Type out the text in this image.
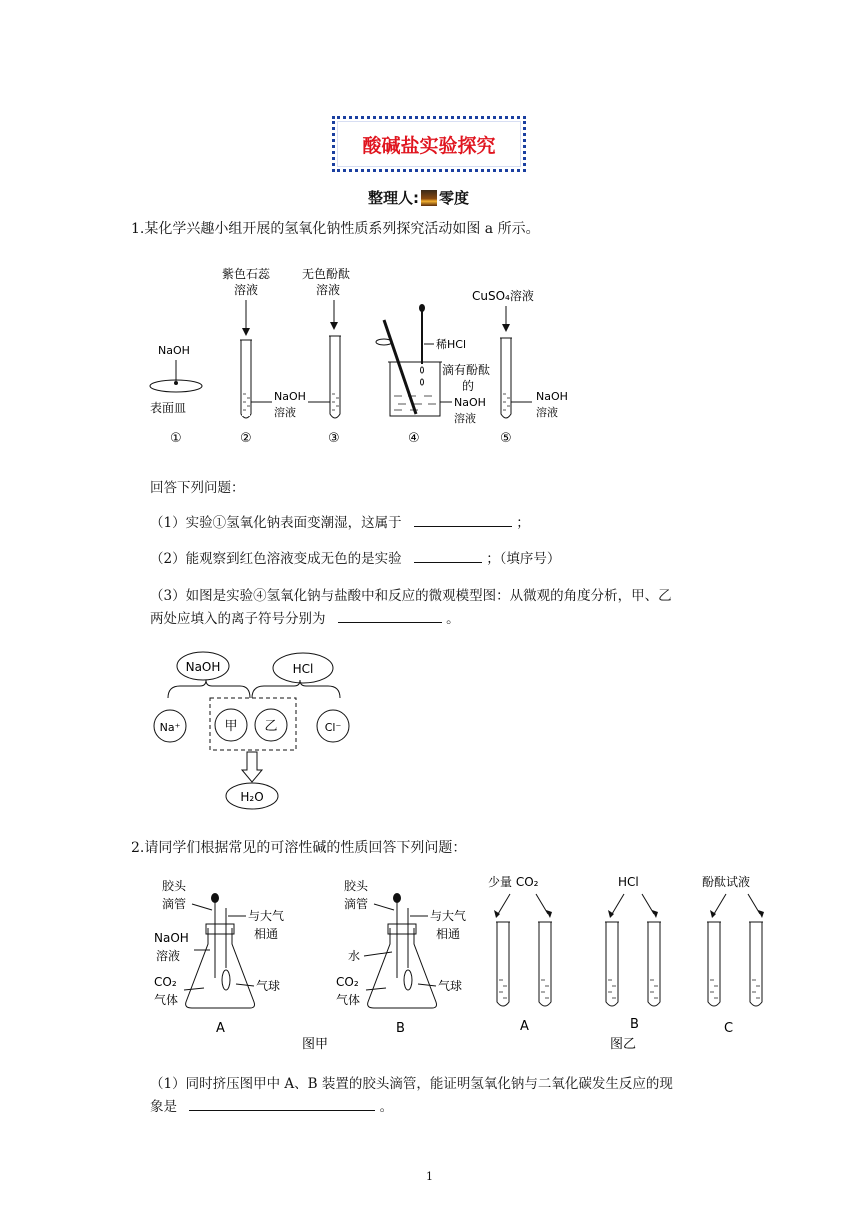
酸碱盐实验探究
整理人: 零度
1.某化学兴趣小组开展的氢氧化钠性质系列探究活动如图 a 所示。
紫色石蕊
溶液
无色酚酞
溶液	CuSO₄溶液
NaOH
表面皿
NaOH
溶液
稀HCl
滴有酚酞
的
NaOH
溶液
NaOH
溶液
①	②	③	④	⑤
回答下列问题：
（1）实验①氢氧化钠表面变潮湿，这属于	；
（2）能观察到红色溶液变成无色的是实验	；（填序号）
（3）如图是实验④氢氧化钠与盐酸中和反应的微观模型图：从微观的角度分析，甲、乙
两处应填入的离子符号分别为	。
NaOH	HCl
Na⁺	甲 乙	Cl⁻
H₂O
2.请同学们根据常见的可溶性碱的性质回答下列问题：
胶头
滴管
与大气
相通
NaOH
溶液
CO₂
气体
气球
A
胶头
滴管
与大气
相通
水
CO₂
气体
气球
B
图甲
少量 CO₂	HCl	酚酞试液
A	B	C
图乙
（1）同时挤压图甲中 A、B 装置的胶头滴管，能证明氢氧化钠与二氧化碳发生反应的现
象是	。
1
